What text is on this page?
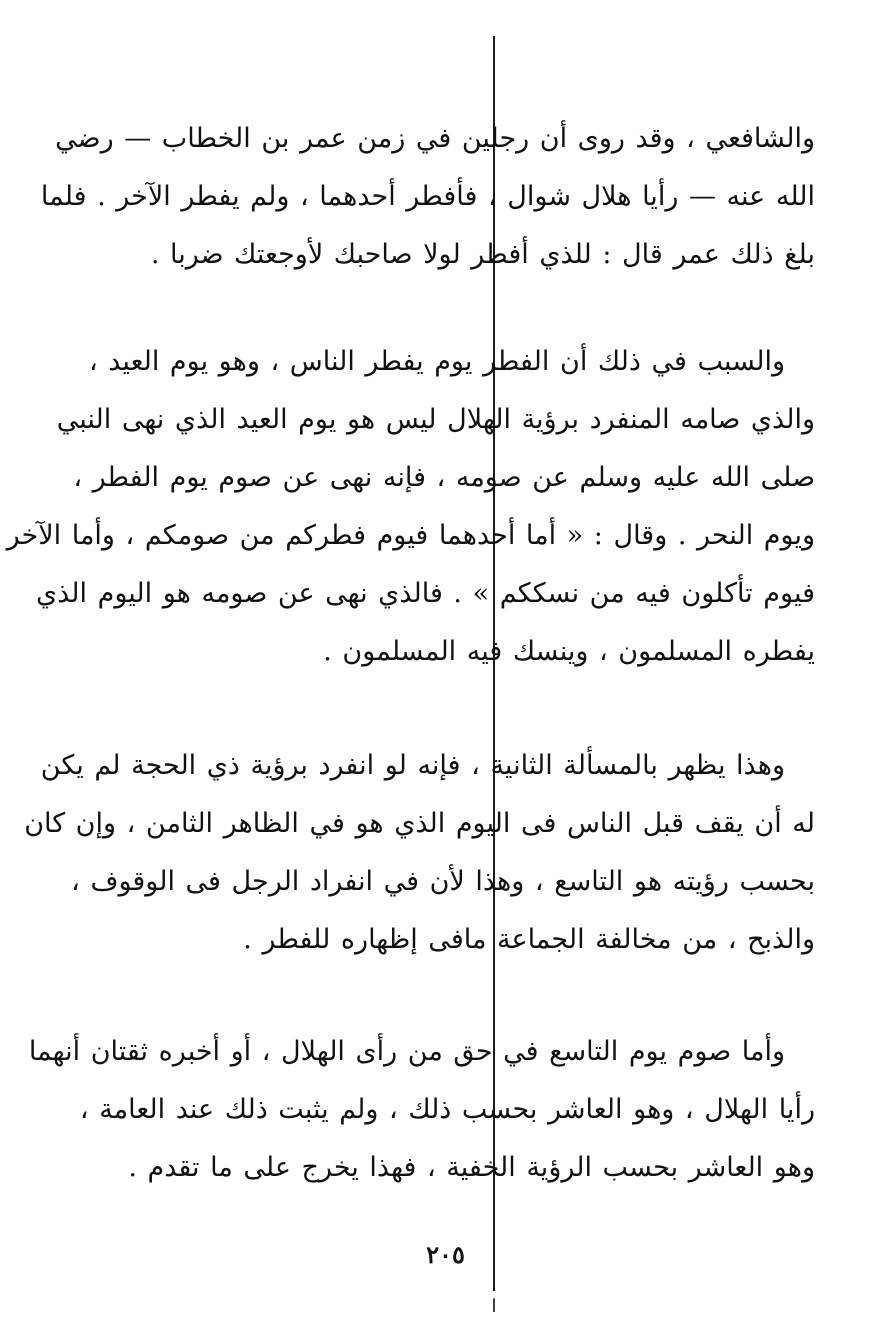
والشافعي ، وقد روى أن رجلين في زمن عمر بن الخطاب — رضي
الله عنه — رأيا هلال شوال ، فأفطر أحدهما ، ولم يفطر الآخر . فلما
بلغ ذلك عمر قال : للذي أفطر لولا صاحبك لأوجعتك ضربا .
والسبب في ذلك أن الفطر يوم يفطر الناس ، وهو يوم العيد ،
والذي صامه المنفرد برؤية الهلال ليس هو يوم العيد الذي نهى النبي
صلى الله عليه وسلم عن صومه ، فإنه نهى عن صوم يوم الفطر ،
ويوم النحر . وقال : « أما أحدهما فيوم فطركم من صومكم ، وأما الآخر
فيوم تأكلون فيه من نسككم » . فالذي نهى عن صومه هو اليوم الذي
يفطره المسلمون ، وينسك فيه المسلمون .
وهذا يظهر بالمسألة الثانية ، فإنه لو انفرد برؤية ذي الحجة لم يكن
له أن يقف قبل الناس فى اليوم الذي هو في الظاهر الثامن ، وإن كان
بحسب رؤيته هو التاسع ، وهذا لأن في انفراد الرجل فى الوقوف ،
والذبح ، من مخالفة الجماعة مافى إظهاره للفطر .
وأما صوم يوم التاسع في حق من رأى الهلال ، أو أخبره ثقتان أنهما
رأيا الهلال ، وهو العاشر بحسب ذلك ، ولم يثبت ذلك عند العامة ،
وهو العاشر بحسب الرؤية الخفية ، فهذا يخرج على ما تقدم .
٢٠٥
ا
